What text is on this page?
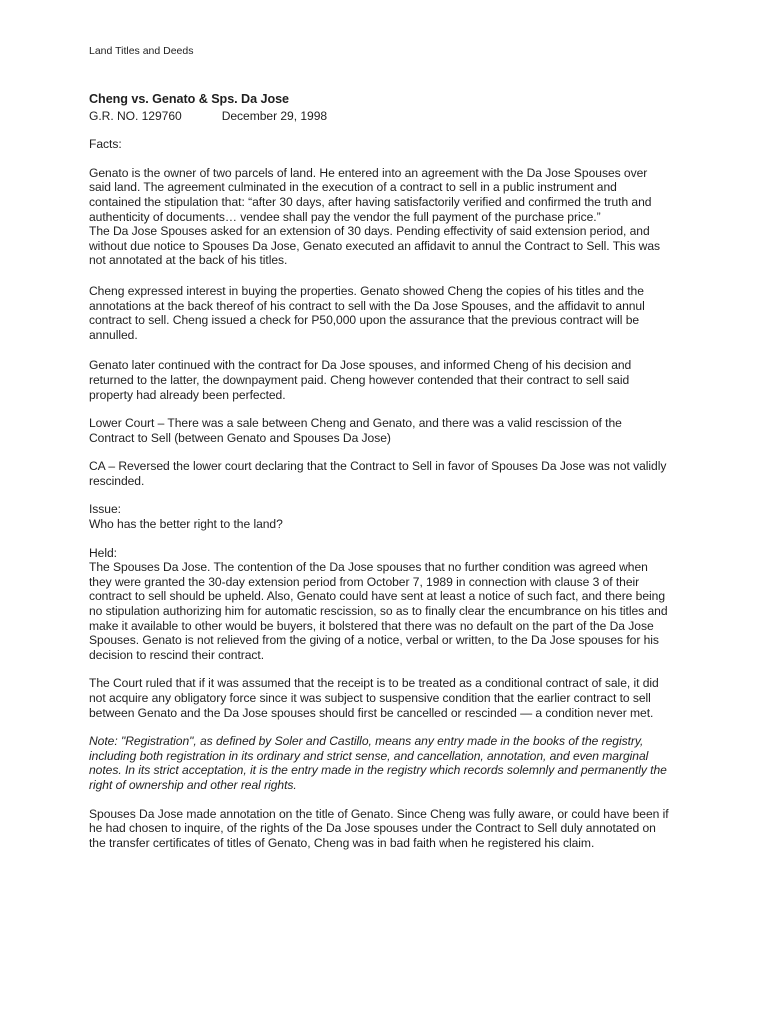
Land Titles and Deeds

Cheng vs. Genato & Sps. Da Jose

G.R. NO. 129760	December 29, 1998

Facts:

Genato is the owner of two parcels of land. He entered into an agreement with the Da Jose Spouses over said land. The agreement culminated in the execution of a contract to sell in a public instrument and contained the stipulation that: “after 30 days, after having satisfactorily verified and confirmed the truth and authenticity of documents… vendee shall pay the vendor the full payment of the purchase price.”

The Da Jose Spouses asked for an extension of 30 days. Pending effectivity of said extension period, and without due notice to Spouses Da Jose, Genato executed an affidavit to annul the Contract to Sell. This was not annotated at the back of his titles.

Cheng expressed interest in buying the properties. Genato showed Cheng the copies of his titles and the annotations at the back thereof of his contract to sell with the Da Jose Spouses, and the affidavit to annul contract to sell. Cheng issued a check for P50,000 upon the assurance that the previous contract will be annulled.

Genato later continued with the contract for Da Jose spouses, and informed Cheng of his decision and returned to the latter, the downpayment paid. Cheng however contended that their contract to sell said property had already been perfected.

Lower Court – There was a sale between Cheng and Genato, and there was a valid rescission of the Contract to Sell (between Genato and Spouses Da Jose)

CA – Reversed the lower court declaring that the Contract to Sell in favor of Spouses Da Jose was not validly rescinded.

Issue:

Who has the better right to the land?

Held:

The Spouses Da Jose. The contention of the Da Jose spouses that no further condition was agreed when they were granted the 30-day extension period from October 7, 1989 in connection with clause 3 of their contract to sell should be upheld. Also, Genato could have sent at least a notice of such fact, and there being no stipulation authorizing him for automatic rescission, so as to finally clear the encumbrance on his titles and make it available to other would be buyers, it bolstered that there was no default on the part of the Da Jose Spouses. Genato is not relieved from the giving of a notice, verbal or written, to the Da Jose spouses for his decision to rescind their contract.

The Court ruled that if it was assumed that the receipt is to be treated as a conditional contract of sale, it did not acquire any obligatory force since it was subject to suspensive condition that the earlier contract to sell between Genato and the Da Jose spouses should first be cancelled or rescinded — a condition never met.

Note: "Registration", as defined by Soler and Castillo, means any entry made in the books of the registry, including both registration in its ordinary and strict sense, and cancellation, annotation, and even marginal notes. In its strict acceptation, it is the entry made in the registry which records solemnly and permanently the right of ownership and other real rights.

Spouses Da Jose made annotation on the title of Genato. Since Cheng was fully aware, or could have been if he had chosen to inquire, of the rights of the Da Jose spouses under the Contract to Sell duly annotated on the transfer certificates of titles of Genato, Cheng was in bad faith when he registered his claim.
